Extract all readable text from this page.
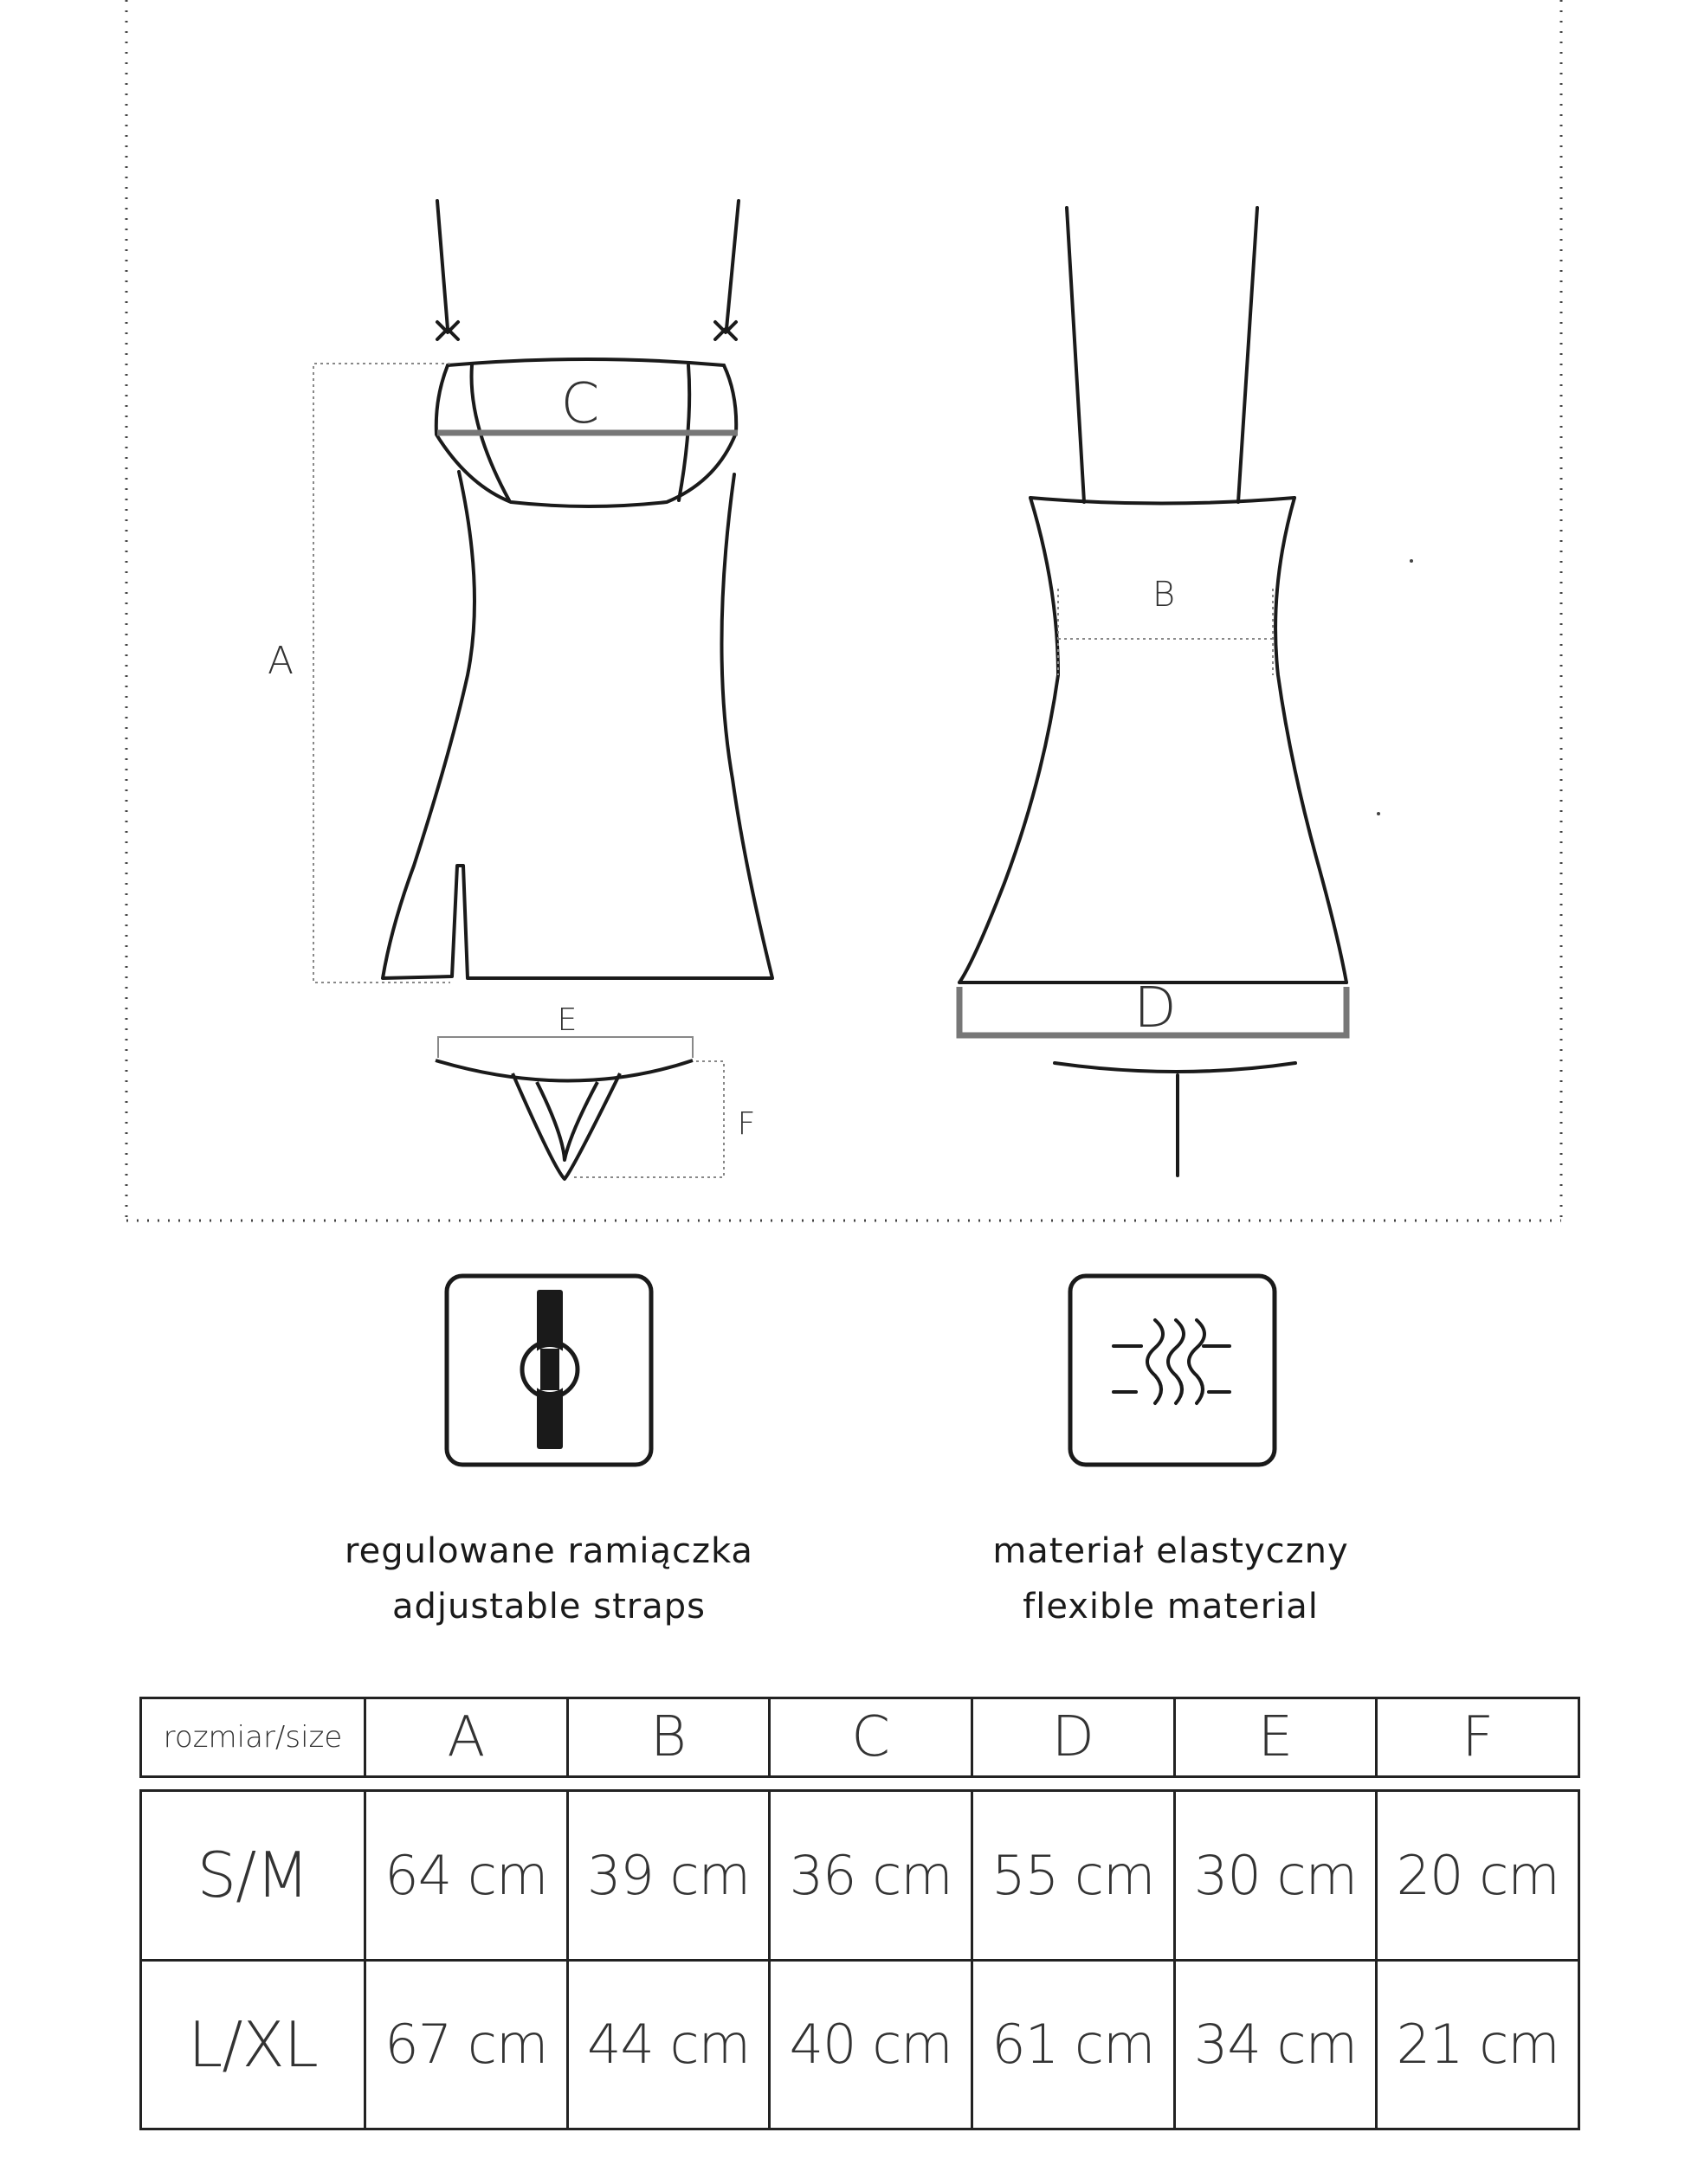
C
A
E
F
B
D
regulowane ramiączka
adjustable straps
materiał elastyczny
flexible material
rozmiar/size	A	B	C	D	E	F
S/M	64 cm	39 cm	36 cm	55 cm	30 cm	20 cm
L/XL	67 cm	44 cm	40 cm	61 cm	34 cm	21 cm
